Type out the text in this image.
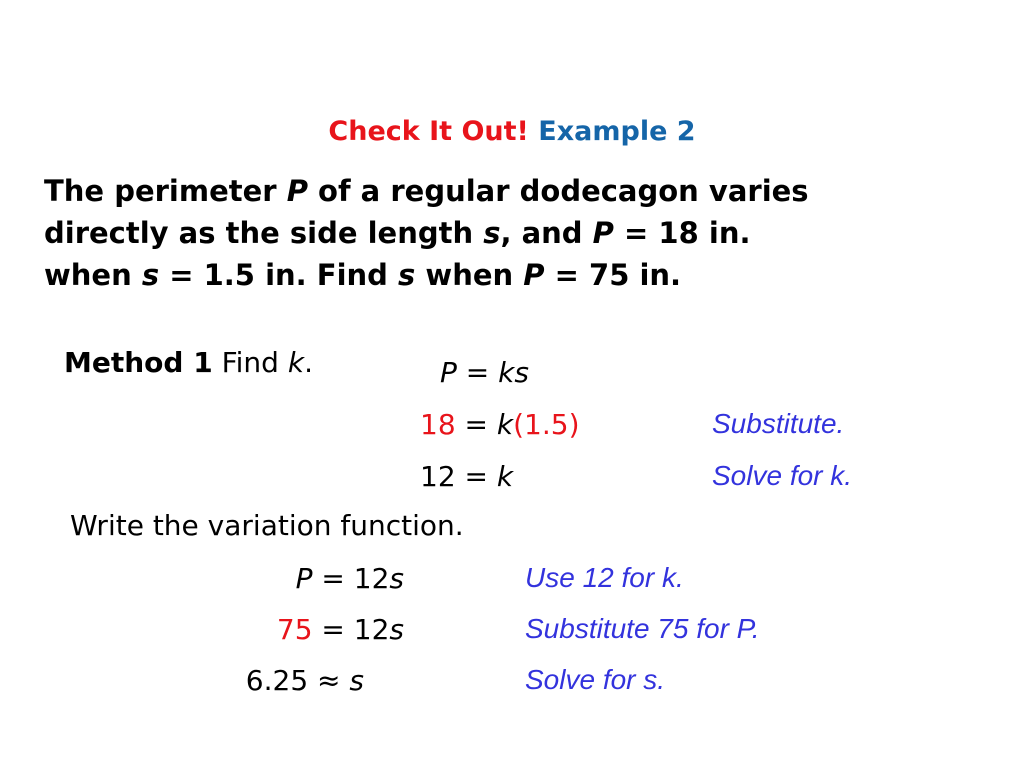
Check It Out! Example 2
The perimeter P of a regular dodecagon varies
directly as the side length s, and P = 18 in.
when s = 1.5 in. Find s when P = 75 in.
Method 1 Find k.	P = ks
18 = k(1.5)	Substitute.
12 = k	Solve for k.
Write the variation function.
P = 12s	Use 12 for k.
75 = 12s	Substitute 75 for P.
6.25 ≈ s	Solve for s.
